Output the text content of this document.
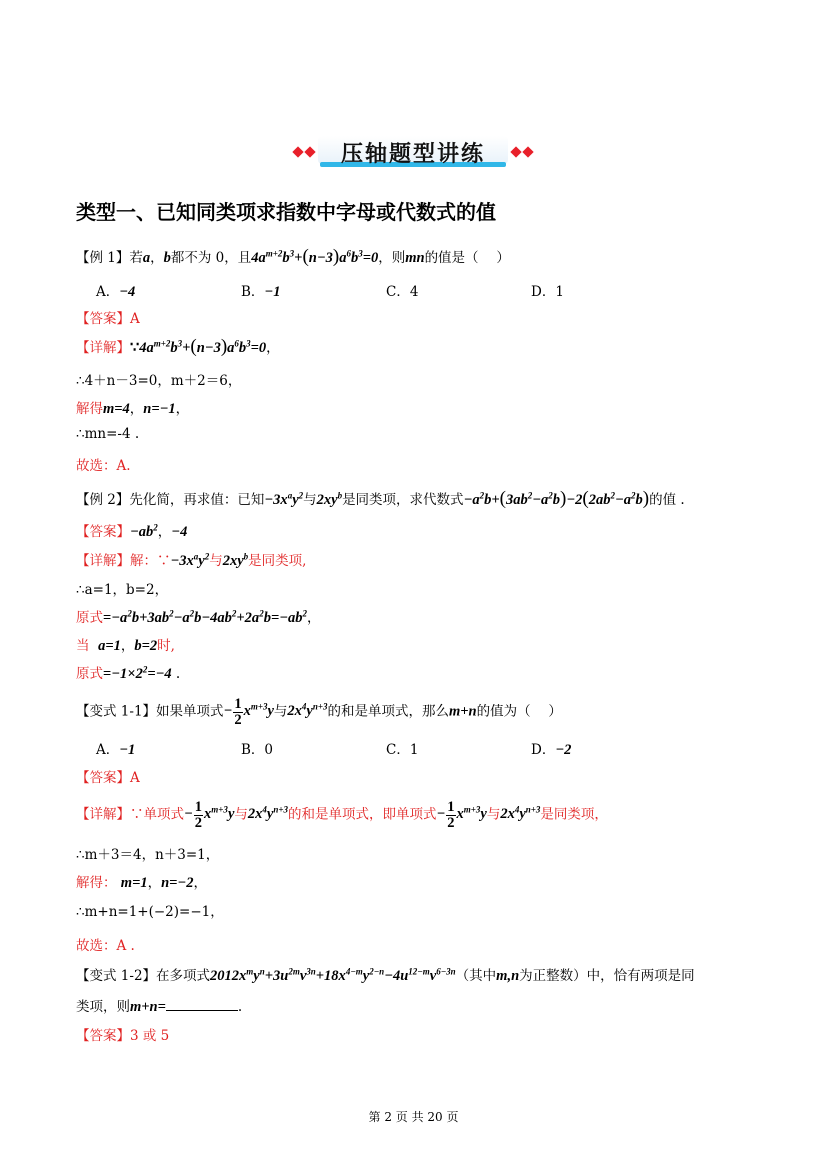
压轴题型讲练
类型一、已知同类项求指数中字母或代数式的值
【例 1】若a，b都不为 0，且$4a^{m+2}b^3+(n-3)a^6b^3=0$，则mn的值是（　 ）
A．−4	B．−1	C．4	D．1
【答案】A
【详解】$\because 4a^{m+2}b^3+(n-3)a^6b^3=0$，
∴4＋n－3=0，m＋2＝6，
解得m=4，n=−1，
∴mn=-4 .
故选：A.
【例 2】先化简，再求值：已知$-3x^ay^2$与$2xy^b$是同类项，求代数式$-a^2b+(3ab^2-a^2b)-2(2ab^2-a^2b)$的值 .
【答案】$-ab^2$，−4
【详解】解：$\because-3x^ay^2$与$2xy^b$是同类项,
∴a=1，b=2，
原式$=-a^2b+3ab^2-a^2b-4ab^2+2a^2b=-ab^2$，
当 a=1，b=2时,
原式$=-1\times 2^2=-4$ .
【变式 1-1】如果单项式− $\frac{1}{2} x^{m+3}y$与$2x^4y^{n+3}$的和是单项式，那么m+n的值为（　 ）
A．−1	B．0	C．1	D．−2
【答案】A
【详解】∵单项式− $\frac{1}{2} x^{m+3}y$与$2x^4y^{n+3}$的和是单项式，即单项式− $\frac{1}{2} x^{m+3}y$与$2x^4y^{n+3}$是同类项，
∴m＋3＝4，n＋3=1，
解得： m=1，n=−2，
∴m+n=1+(−2)=−1，
故选：A .
【变式 1-2】在多项式$2012x^my^n+3u^{2m}v^{3n}+18x^{4-m}y^{2-n}-4u^{12-m}v^{6-3n}$（其中m,n为正整数）中，恰有两项是同
类项，则m+n=	.
【答案】3 或 5
第 2 页 共 20 页
